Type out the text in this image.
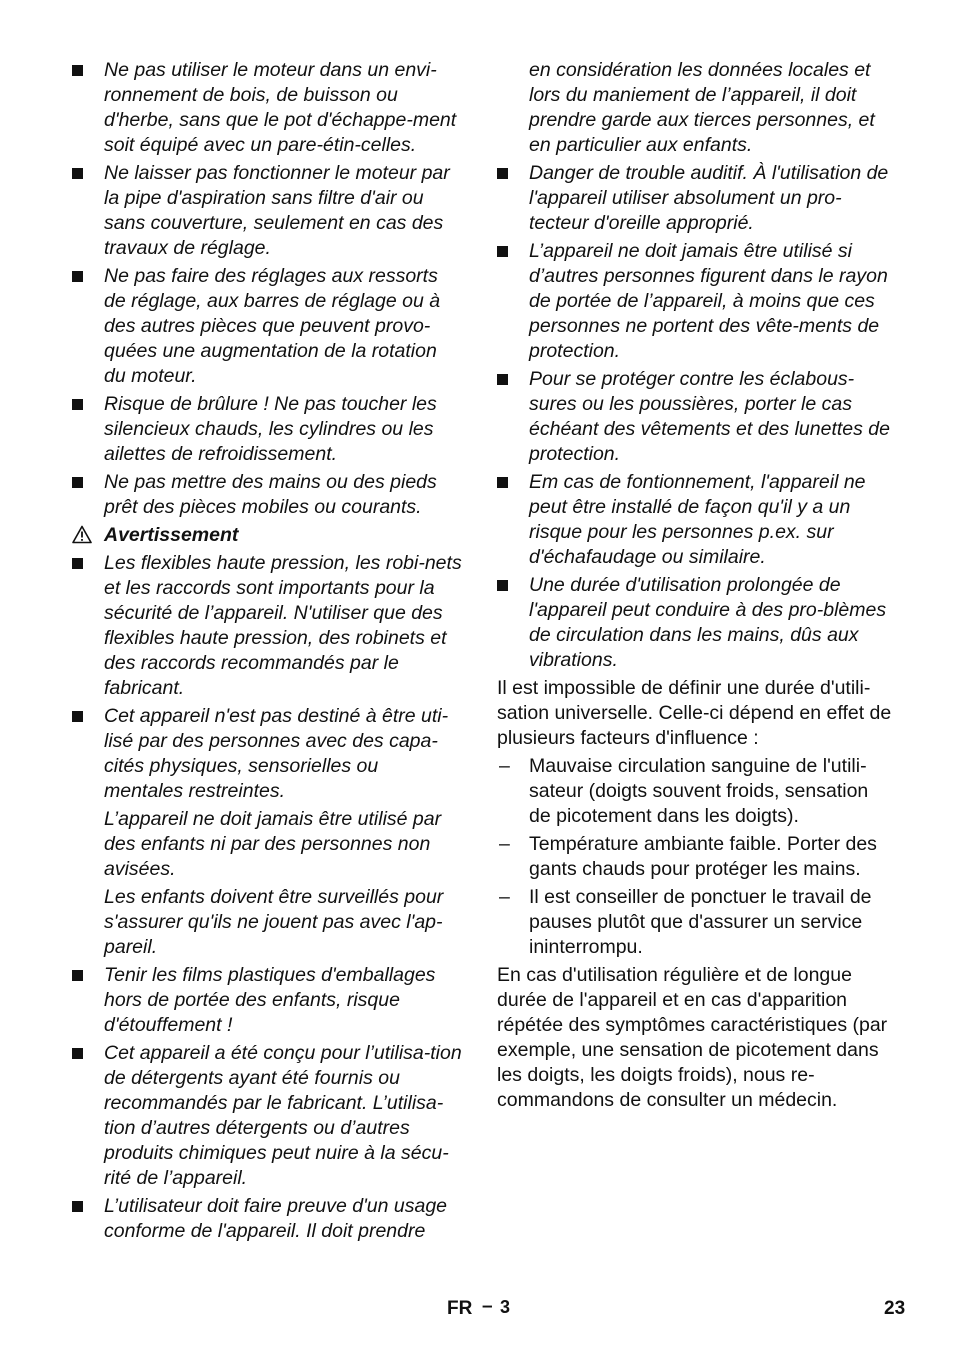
Ne pas utiliser le moteur dans un envi-ronnement de bois, de buisson ou d'herbe, sans que le pot d'échappe-ment soit équipé avec un pare-étin-celles.
Ne laisser pas fonctionner le moteur par la pipe d'aspiration sans filtre d'air ou sans couverture, seulement en cas des travaux de réglage.
Ne pas faire des réglages aux ressorts de réglage, aux barres de réglage ou à des autres pièces que peuvent provo-quées une augmentation de la rotation du moteur.
Risque de brûlure ! Ne pas toucher les silencieux chauds, les cylindres ou les ailettes de refroidissement.
Ne pas mettre des mains ou des pieds prêt des pièces mobiles ou courants.
Avertissement
Les flexibles haute pression, les robi-nets et les raccords sont importants pour la sécurité de l’appareil. N'utiliser que des flexibles haute pression, des robinets et des raccords recommandés par le fabricant.
Cet appareil n'est pas destiné à être uti-lisé par des personnes avec des capa-cités physiques, sensorielles ou mentales restreintes.
L’appareil ne doit jamais être utilisé par des enfants ni par des personnes non avisées.
Les enfants doivent être surveillés pour s'assurer qu'ils ne jouent pas avec l'ap-pareil.
Tenir les films plastiques d'emballages hors de portée des enfants, risque d'étouffement !
Cet appareil a été conçu pour l’utilisa-tion de détergents ayant été fournis ou recommandés par le fabricant. L’utilisa-tion d’autres détergents ou d’autres produits chimiques peut nuire à la sécu-rité de l’appareil.
L’utilisateur doit faire preuve d'un usage conforme de l'appareil. Il doit prendre
en considération les données locales et lors du maniement de l’appareil, il doit prendre garde aux tierces personnes, et en particulier aux enfants.
Danger de trouble auditif. À l'utilisation de l'appareil utiliser absolument un pro-tecteur d'oreille approprié.
L’appareil ne doit jamais être utilisé si d’autres personnes figurent dans le rayon de portée de l’appareil, à moins que ces personnes ne portent des vête-ments de protection.
Pour se protéger contre les éclabous-sures ou les poussières, porter le cas échéant des vêtements et des lunettes de protection.
Em cas de fontionnement, l'appareil ne peut être installé de façon qu'il y a un risque pour les personnes p.ex. sur d'échafaudage ou similaire.
Une durée d'utilisation prolongée de l'appareil peut conduire à des pro-blèmes de circulation dans les mains, dûs aux vibrations.
Il est impossible de définir une durée d'utili-sation universelle. Celle-ci dépend en effet de plusieurs facteurs d'influence :
– Mauvaise circulation sanguine de l'utili-sateur (doigts souvent froids, sensation de picotement dans les doigts).
– Température ambiante faible. Porter des gants chauds pour protéger les mains.
– Il est conseiller de ponctuer le travail de pauses plutôt que d'assurer un service ininterrompu.
En cas d'utilisation régulière et de longue durée de l'appareil et en cas d'apparition répétée des symptômes caractéristiques (par exemple, une sensation de picotement dans les doigts, les doigts froids), nous re-commandons de consulter un médecin.
FR – 3	23
